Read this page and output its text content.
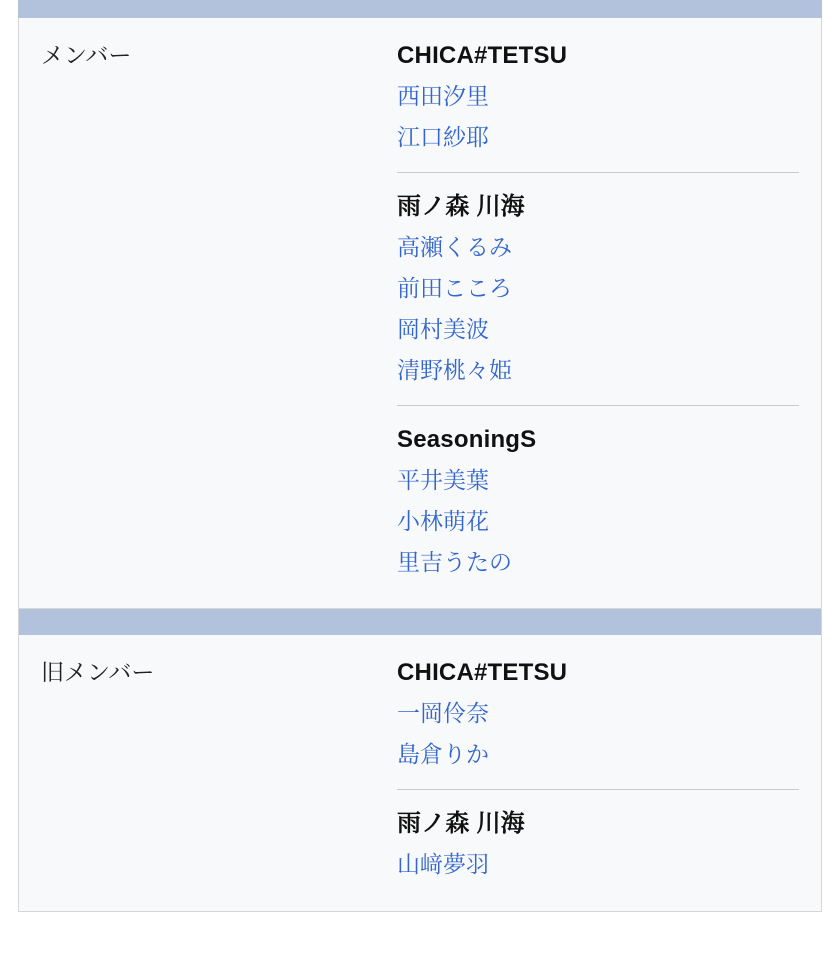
メンバー	CHICA#TETSU
西田汐里
江口紗耶
雨ノ森 川海
高瀬くるみ
前田こころ
岡村美波
清野桃々姫
SeasoningS
平井美葉
小林萌花
里吉うたの
旧メンバー	CHICA#TETSU
一岡伶奈
島倉りか
雨ノ森 川海
山﨑夢羽
